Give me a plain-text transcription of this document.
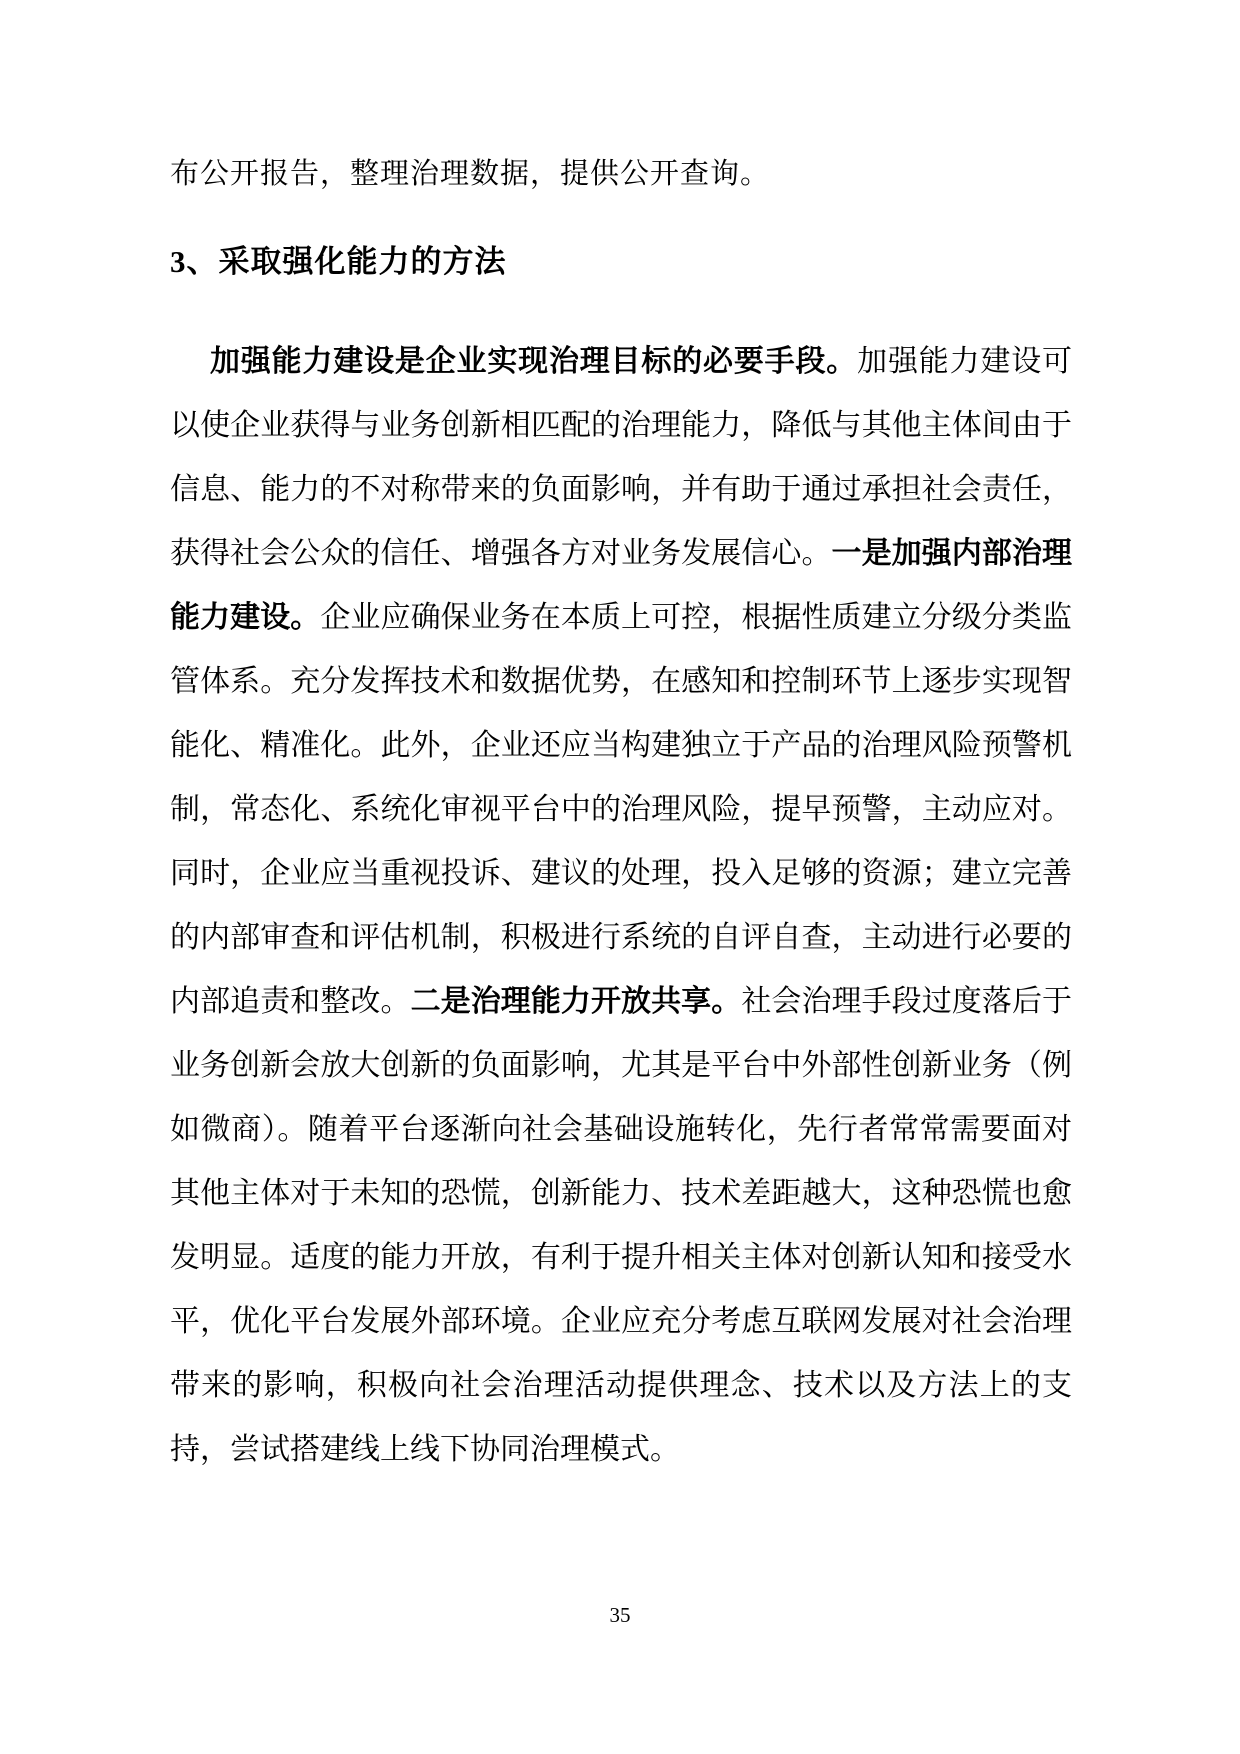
布公开报告，整理治理数据，提供公开查询。

3、采取强化能力的方法

加强能力建设是企业实现治理目标的必要手段。加强能力建设可以使企业获得与业务创新相匹配的治理能力，降低与其他主体间由于信息、能力的不对称带来的负面影响，并有助于通过承担社会责任，获得社会公众的信任、增强各方对业务发展信心。一是加强内部治理能力建设。企业应确保业务在本质上可控，根据性质建立分级分类监管体系。充分发挥技术和数据优势，在感知和控制环节上逐步实现智能化、精准化。此外，企业还应当构建独立于产品的治理风险预警机制，常态化、系统化审视平台中的治理风险，提早预警，主动应对。同时，企业应当重视投诉、建议的处理，投入足够的资源；建立完善的内部审查和评估机制，积极进行系统的自评自查，主动进行必要的内部追责和整改。二是治理能力开放共享。社会治理手段过度落后于业务创新会放大创新的负面影响，尤其是平台中外部性创新业务（例如微商）。随着平台逐渐向社会基础设施转化，先行者常常需要面对其他主体对于未知的恐慌，创新能力、技术差距越大，这种恐慌也愈发明显。适度的能力开放，有利于提升相关主体对创新认知和接受水平，优化平台发展外部环境。企业应充分考虑互联网发展对社会治理带来的影响，积极向社会治理活动提供理念、技术以及方法上的支持，尝试搭建线上线下协同治理模式。

35
